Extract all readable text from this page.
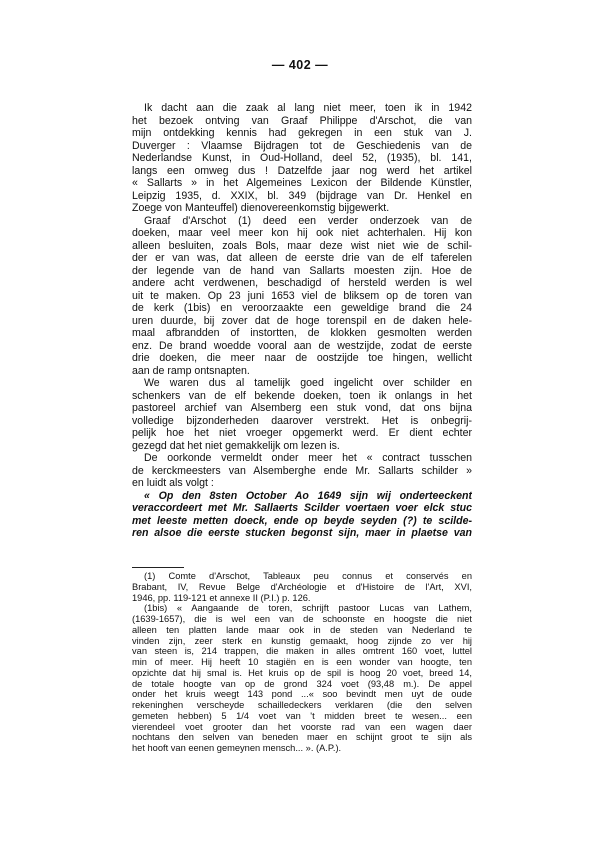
— 402 —
Ik dacht aan die zaak al lang niet meer, toen ik in 1942
het bezoek ontving van Graaf Philippe d'Arschot, die van
mijn ontdekking kennis had gekregen in een stuk van J.
Duverger : Vlaamse Bijdragen tot de Geschiedenis van de
Nederlandse Kunst, in Oud-Holland, deel 52, (1935), bl. 141,
langs een omweg dus ! Datzelfde jaar nog werd het artikel
« Sallarts » in het Algemeines Lexicon der Bildende Künstler,
Leipzig 1935, d. XXIX, bl. 349 (bijdrage van Dr. Henkel en
Zoege von Manteuffel) dienovereenkomstig bijgewerkt.
Graaf d'Arschot (1) deed een verder onderzoek van de
doeken, maar veel meer kon hij ook niet achterhalen. Hij kon
alleen besluiten, zoals Bols, maar deze wist niet wie de schil-
der er van was, dat alleen de eerste drie van de elf taferelen
der legende van de hand van Sallarts moesten zijn. Hoe de
andere acht verdwenen, beschadigd of hersteld werden is wel
uit te maken. Op 23 juni 1653 viel de bliksem op de toren van
de kerk (1bis) en veroorzaakte een geweldige brand die 24
uren duurde, bij zover dat de hoge torenspil en de daken hele-
maal afbrandden of instortten, de klokken gesmolten werden
enz. De brand woedde vooral aan de westzijde, zodat de eerste
drie doeken, die meer naar de oostzijde toe hingen, wellicht
aan de ramp ontsnapten.
We waren dus al tamelijk goed ingelicht over schilder en
schenkers van de elf bekende doeken, toen ik onlangs in het
pastoreel archief van Alsemberg een stuk vond, dat ons bijna
volledige bijzonderheden daarover verstrekt. Het is onbegrij-
pelijk hoe het niet vroeger opgemerkt werd. Er dient echter
gezegd dat het niet gemakkelijk om lezen is.
De oorkonde vermeldt onder meer het « contract tusschen
de kerckmeesters van Alsemberghe ende Mr. Sallarts schilder »
en luidt als volgt :
« Op den 8sten October Ao 1649 sijn wij onderteeckent
veraccordeert met Mr. Sallaerts Scilder voertaen voer elck stuc
met leeste metten doeck, ende op beyde seyden (?) te scilde-
ren alsoe die eerste stucken begonst sijn, maer in plaetse van
(1) Comte d'Arschot, Tableaux peu connus et conservés en
Brabant, IV, Revue Belge d'Archéologie et d'Histoire de l'Art, XVI,
1946, pp. 119-121 et annexe II (P.I.) p. 126.
(1bis) « Aangaande de toren, schrijft pastoor Lucas van Lathem,
(1639-1657), die is wel een van de schoonste en hoogste die niet
alleen ten platten lande maar ook in de steden van Nederland te
vinden zijn, zeer sterk en kunstig gemaakt, hoog zijnde zo ver hij
van steen is, 214 trappen, die maken in alles omtrent 160 voet, luttel
min of meer. Hij heeft 10 stagiën en is een wonder van hoogte, ten
opzichte dat hij smal is. Het kruis op de spil is hoog 20 voet, breed 14,
de totale hoogte van op de grond 324 voet (93,48 m.). De appel
onder het kruis weegt 143 pond ...« soo bevindt men uyt de oude
rekeninghen verscheyde schailledeckers verklaren (die den selven
gemeten hebben) 5 1/4 voet van 't midden breet te wesen... een
vierendeel voet grooter dan het voorste rad van een wagen daer
nochtans den selven van beneden maer en schijnt groot te sijn als
het hooft van eenen gemeynen mensch... ». (A.P.).
